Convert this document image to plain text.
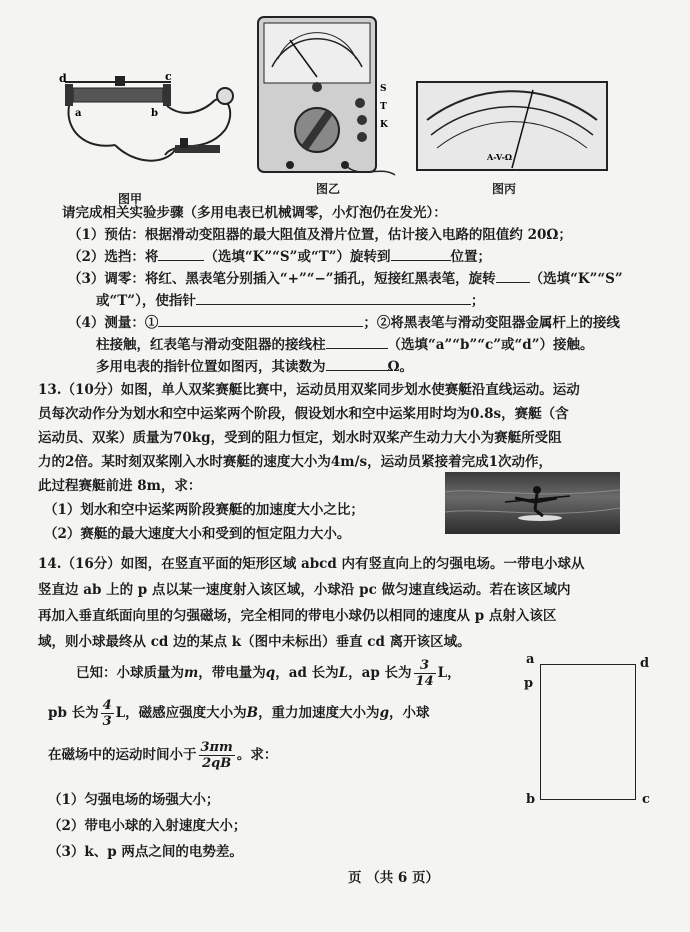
d	c
a	b
图甲
S
T
K
图乙
A-V-Ω
图丙
请完成相关实验步骤（多用电表已机械调零，小灯泡仍在发光）：
（1）预估：根据滑动变阻器的最大阻值及滑片位置，估计接入电路的阻值约 20Ω；
（2）选挡：将	（选填“K”“S”或“T”）旋转到	位置；
（3）调零：将红、黑表笔分别插入“+”“−”插孔，短接红黑表笔，旋转	（选填“K”“S”
或“T”），使指针	；
（4）测量：①	；②将黑表笔与滑动变阻器金属杆上的接线
柱接触，红表笔与滑动变阻器的接线柱	（选填“a”“b”“c”或“d”）接触。
多用电表的指针位置如图丙，其读数为	Ω。
13.（10分）如图，单人双桨赛艇比赛中，运动员用双桨同步划水使赛艇沿直线运动。运动
员每次动作分为划水和空中运桨两个阶段，假设划水和空中运桨用时均为0.8s，赛艇（含
运动员、双桨）质量为70kg，受到的阻力恒定，划水时双桨产生动力大小为赛艇所受阻
力的2倍。某时刻双桨刚入水时赛艇的速度大小为4m/s，运动员紧接着完成1次动作，
此过程赛艇前进 8m，求：
（1）划水和空中运桨两阶段赛艇的加速度大小之比；
（2）赛艇的最大速度大小和受到的恒定阻力大小。
14.（16分）如图，在竖直平面的矩形区域 abcd 内有竖直向上的匀强电场。一带电小球从
竖直边 ab 上的 p 点以某一速度射入该区域，小球沿 pc 做匀速直线运动。若在该区域内
再加入垂直纸面向里的匀强磁场，完全相同的带电小球仍以相同的速度从 p 点射入该区
域，则小球最终从 cd 边的某点 k（图中未标出）垂直 cd 离开该区域。
已知：小球质量为m，带电量为q，ad 长为L，ap 长为 $\frac{3}{14}$ L，
pb 长为 $\frac{4}{3}$ L，磁感应强度大小为B，重力加速度大小为g，小球
在磁场中的运动时间小于 $\frac{3\pi m}{2qB}$ 。求：
（1）匀强电场的场强大小；
（2）带电小球的入射速度大小；
（3）k、p 两点之间的电势差。
a	d
p
b	c
页 （共 6 页）
